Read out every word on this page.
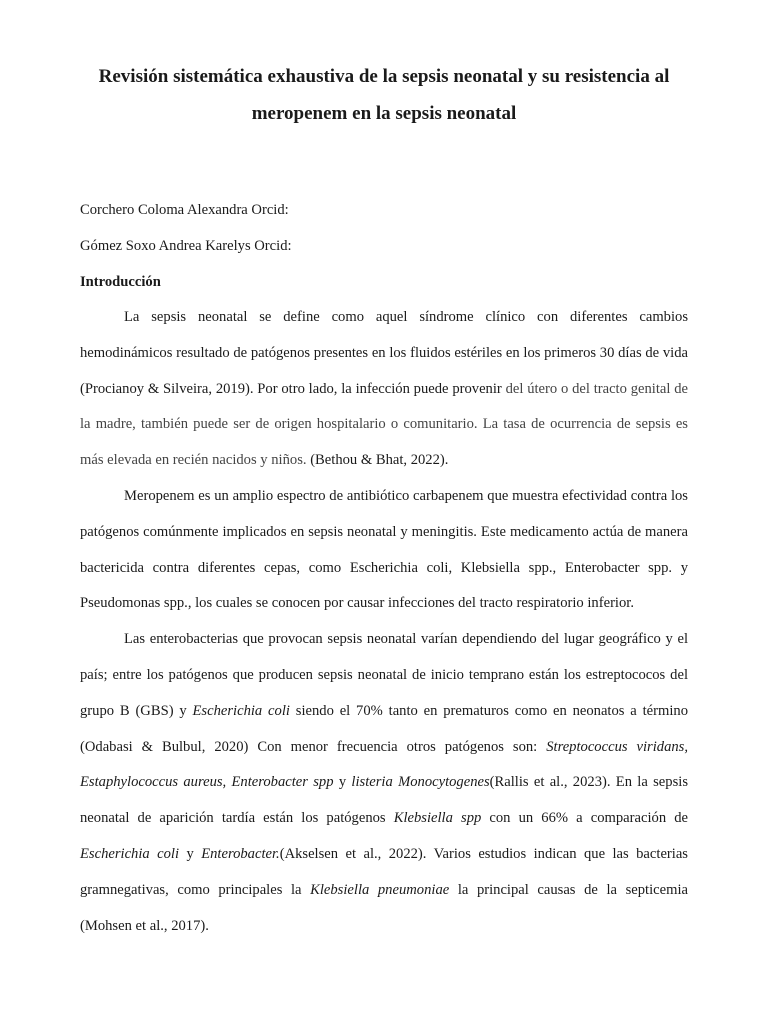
Revisión sistemática exhaustiva de la sepsis neonatal y su resistencia al
meropenem en la sepsis neonatal

Corchero Coloma Alexandra Orcid:

Gómez Soxo Andrea Karelys Orcid:

Introducción

La sepsis neonatal se define como aquel síndrome clínico con diferentes cambios hemodinámicos resultado de patógenos presentes en los fluidos estériles en los primeros 30 días de vida (Procianoy & Silveira, 2019). Por otro lado, la infección puede provenir del útero o del tracto genital de la madre, también puede ser de origen hospitalario o comunitario. La tasa de ocurrencia de sepsis es más elevada en recién nacidos y niños. (Bethou & Bhat, 2022).

Meropenem es un amplio espectro de antibiótico carbapenem que muestra efectividad contra los patógenos comúnmente implicados en sepsis neonatal y meningitis. Este medicamento actúa de manera bactericida contra diferentes cepas, como Escherichia coli, Klebsiella spp., Enterobacter spp. y Pseudomonas spp., los cuales se conocen por causar infecciones del tracto respiratorio inferior.

Las enterobacterias que provocan sepsis neonatal varían dependiendo del lugar geográfico y el país; entre los patógenos que producen sepsis neonatal de inicio temprano están los estreptococos del grupo B (GBS) y Escherichia coli siendo el 70% tanto en prematuros como en neonatos a término (Odabasi & Bulbul, 2020) Con menor frecuencia otros patógenos son: Streptococcus viridans, Estaphylococcus aureus, Enterobacter spp y listeria Monocytogenes(Rallis et al., 2023). En la sepsis neonatal de aparición tardía están los patógenos Klebsiella spp con un 66% a comparación de Escherichia coli y Enterobacter.(Akselsen et al., 2022). Varios estudios indican que las bacterias gramnegativas, como principales la Klebsiella pneumoniae la principal causas de la septicemia (Mohsen et al., 2017).
